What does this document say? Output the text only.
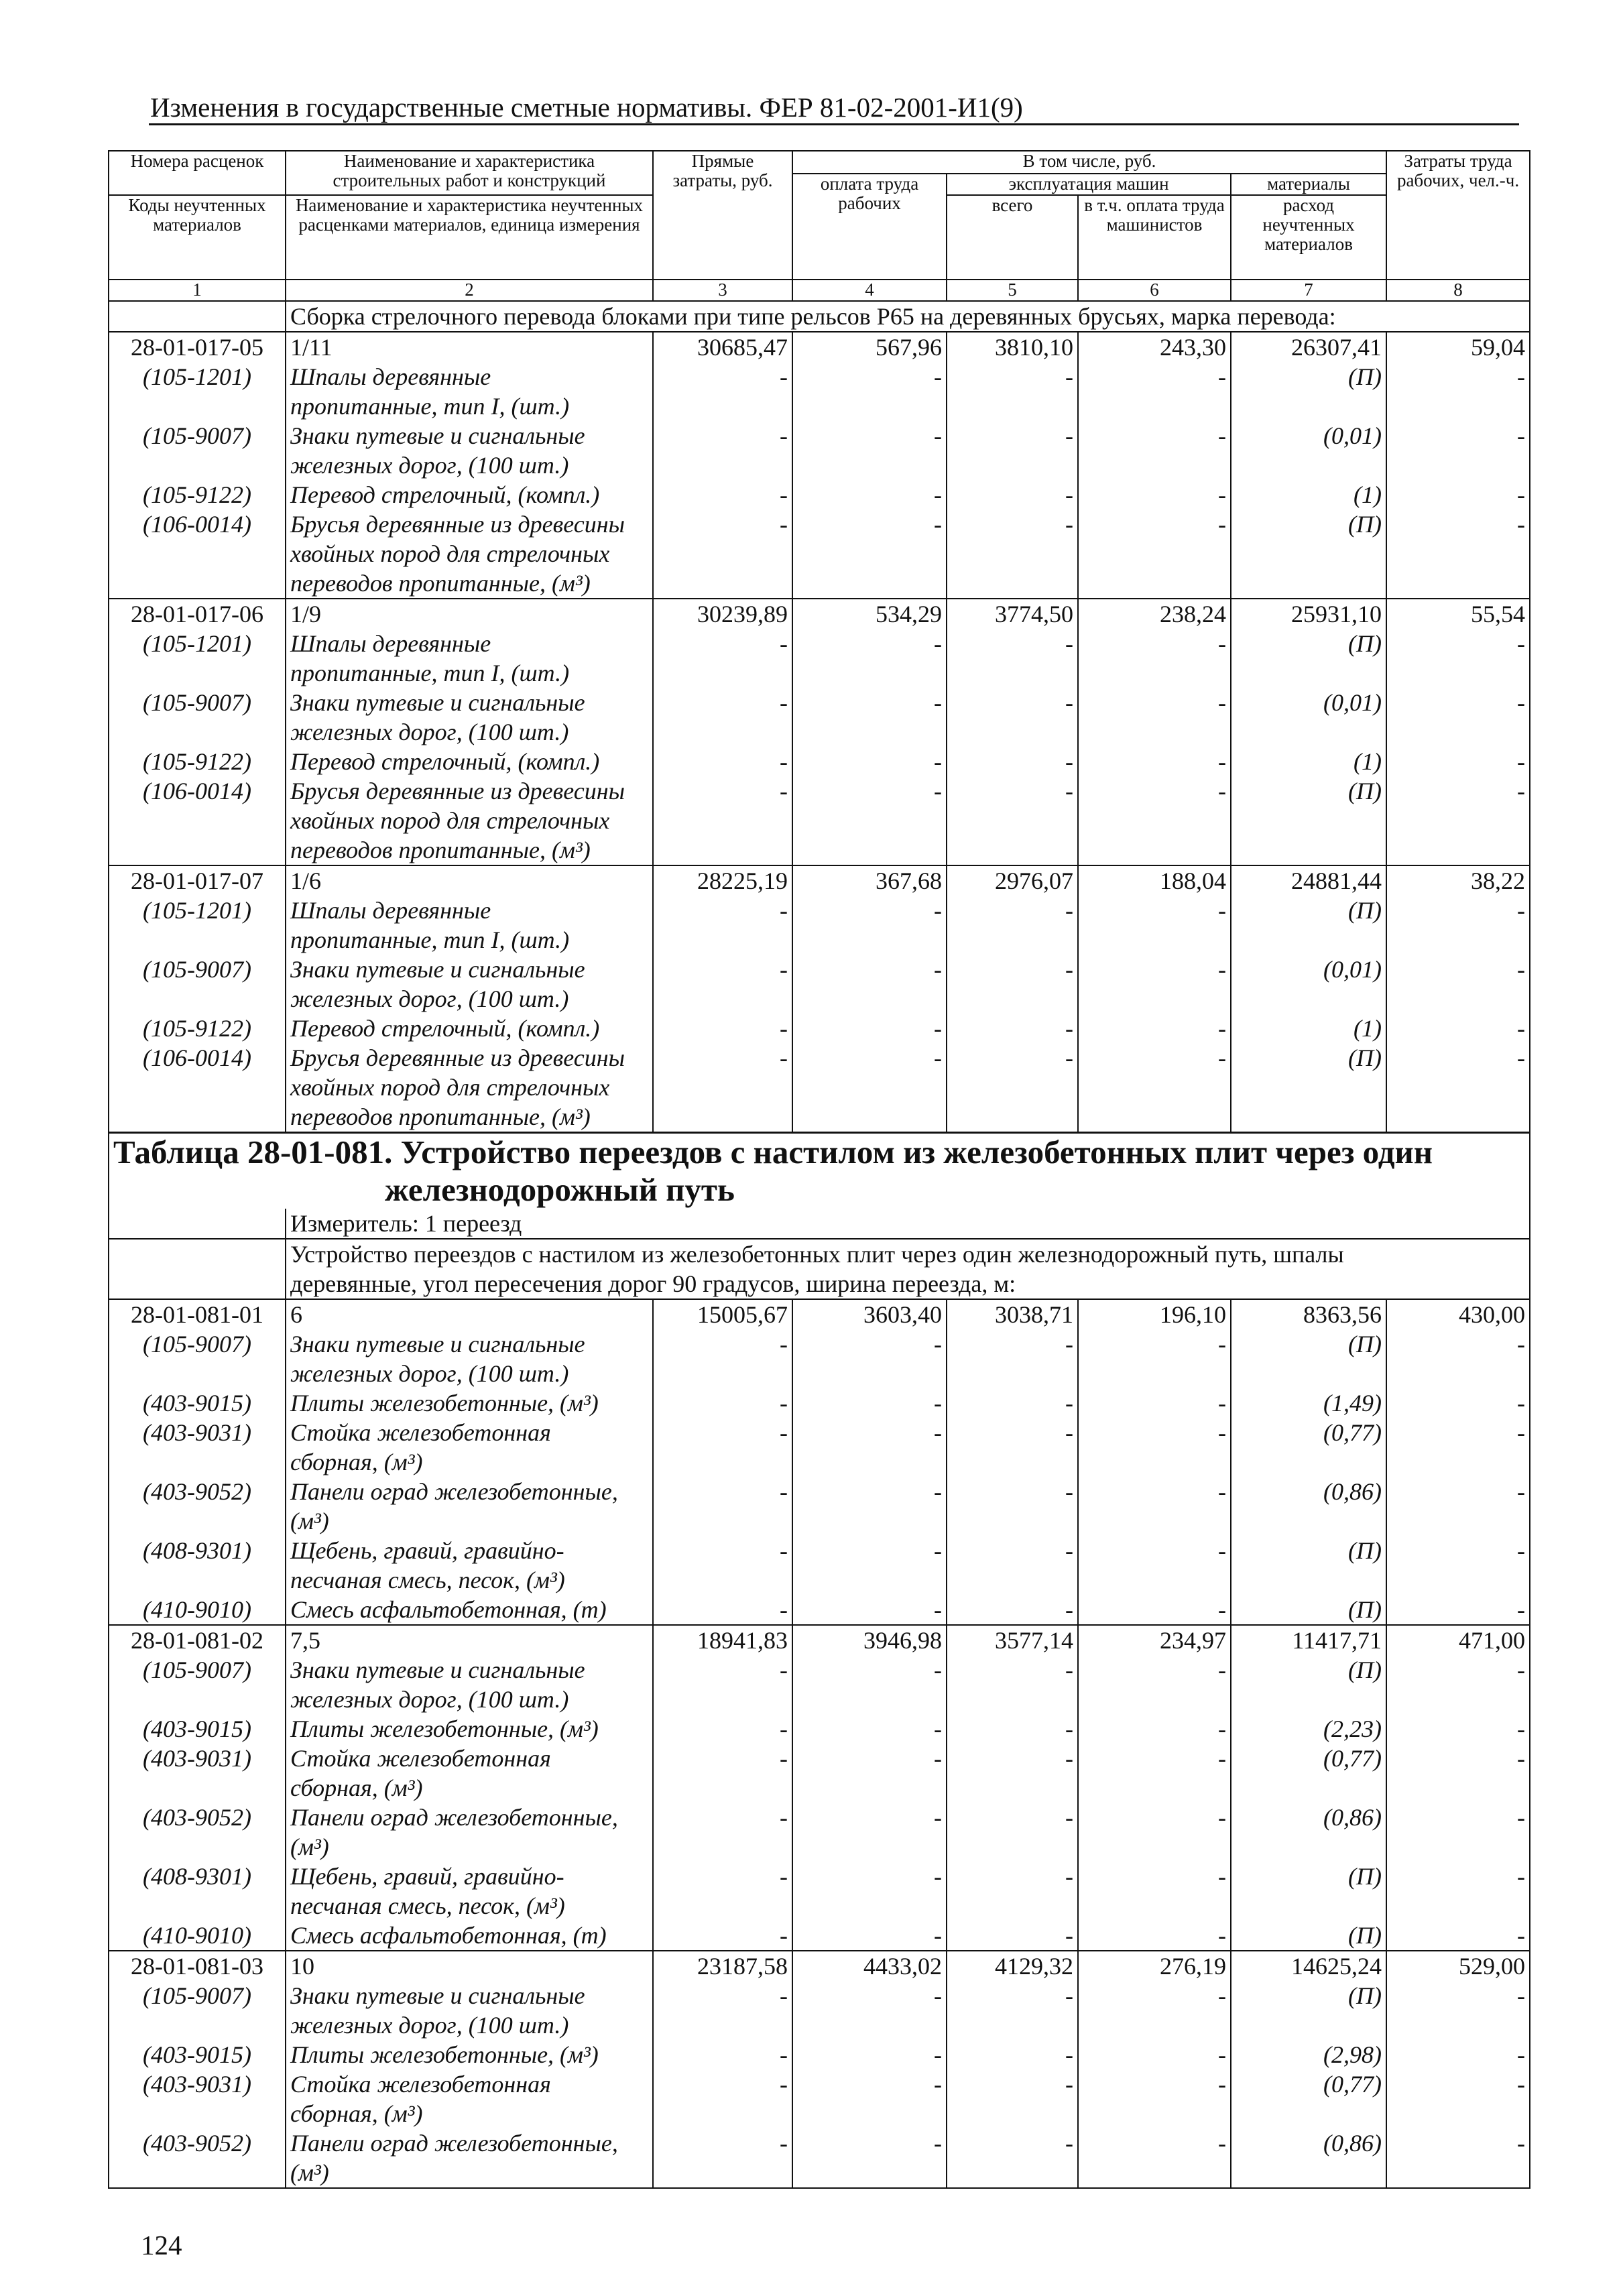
Изменения в государственные сметные нормативы. ФЕР 81-02-2001-И1(9)
Номера расценок	Наименование и характеристика строительных работ и конструкций	Прямые затраты, руб.	В том числе, руб.				Затраты труда рабочих, чел.-ч.
			оплата труда рабочих	эксплуатация машин		материалы	
Коды неучтенных материалов	Наименование и характеристика неучтенных расценками материалов, единица измерения			всего	в т.ч. оплата труда машинистов	расход неучтенных материалов	

1	2	3	4	5	6	7	8

	Сборка стрелочного перевода блоками при типе рельсов Р65 на деревянных брусьях, марка перевода:						

28-01-017-05	1/11	30685,47	567,96	3810,10	243,30	26307,41	59,04
(105-1201)	Шпалы деревянные
пропитанные, тип I, (шт.)	-	-	-	-	(П)	-
(105-9007)	Знаки путевые и сигнальные
железных дорог, (100 шт.)	-	-	-	-	(0,01)	-
(105-9122)	Перевод стрелочный, (компл.)	-	-	-	-	(1)	-
(106-0014)	Брусья деревянные из древесины
хвойных пород для стрелочных
переводов пропитанные, (м³)	-	-	-	-	(П)	-
28-01-017-06	1/9	30239,89	534,29	3774,50	238,24	25931,10	55,54
(105-1201)	Шпалы деревянные
пропитанные, тип I, (шт.)	-	-	-	-	(П)	-
(105-9007)	Знаки путевые и сигнальные
железных дорог, (100 шт.)	-	-	-	-	(0,01)	-
(105-9122)	Перевод стрелочный, (компл.)	-	-	-	-	(1)	-
(106-0014)	Брусья деревянные из древесины
хвойных пород для стрелочных
переводов пропитанные, (м³)	-	-	-	-	(П)	-
28-01-017-07	1/6	28225,19	367,68	2976,07	188,04	24881,44	38,22
(105-1201)	Шпалы деревянные
пропитанные, тип I, (шт.)	-	-	-	-	(П)	-
(105-9007)	Знаки путевые и сигнальные
железных дорог, (100 шт.)	-	-	-	-	(0,01)	-
(105-9122)	Перевод стрелочный, (компл.)	-	-	-	-	(1)	-
(106-0014)	Брусья деревянные из древесины
хвойных пород для стрелочных
переводов пропитанные, (м³)	-	-	-	-	(П)	-

Таблица 28-01-081. Устройство переездов с настилом из железобетонных плит через один
железнодорожный путь							

	Измеритель: 1 переезд						

	Устройство переездов с настилом из железобетонных плит через один железнодорожный путь, шпалы
деревянные, угол пересечения дорог 90 градусов, ширина переезда, м:						

28-01-081-01	6	15005,67	3603,40	3038,71	196,10	8363,56	430,00
(105-9007)	Знаки путевые и сигнальные
железных дорог, (100 шт.)	-	-	-	-	(П)	-
(403-9015)	Плиты железобетонные, (м³)	-	-	-	-	(1,49)	-
(403-9031)	Стойка железобетонная
сборная, (м³)	-	-	-	-	(0,77)	-
(403-9052)	Панели оград железобетонные,
(м³)	-	-	-	-	(0,86)	-
(408-9301)	Щебень, гравий, гравийно-
песчаная смесь, песок, (м³)	-	-	-	-	(П)	-
(410-9010)	Смесь асфальтобетонная, (т)	-	-	-	-	(П)	-
28-01-081-02	7,5	18941,83	3946,98	3577,14	234,97	11417,71	471,00
(105-9007)	Знаки путевые и сигнальные
железных дорог, (100 шт.)	-	-	-	-	(П)	-
(403-9015)	Плиты железобетонные, (м³)	-	-	-	-	(2,23)	-
(403-9031)	Стойка железобетонная
сборная, (м³)	-	-	-	-	(0,77)	-
(403-9052)	Панели оград железобетонные,
(м³)	-	-	-	-	(0,86)	-
(408-9301)	Щебень, гравий, гравийно-
песчаная смесь, песок, (м³)	-	-	-	-	(П)	-
(410-9010)	Смесь асфальтобетонная, (т)	-	-	-	-	(П)	-
28-01-081-03	10	23187,58	4433,02	4129,32	276,19	14625,24	529,00
(105-9007)	Знаки путевые и сигнальные
железных дорог, (100 шт.)	-	-	-	-	(П)	-
(403-9015)	Плиты железобетонные, (м³)	-	-	-	-	(2,98)	-
(403-9031)	Стойка железобетонная
сборная, (м³)	-	-	-	-	(0,77)	-
(403-9052)	Панели оград железобетонные,
(м³)	-	-	-	-	(0,86)	-
124
